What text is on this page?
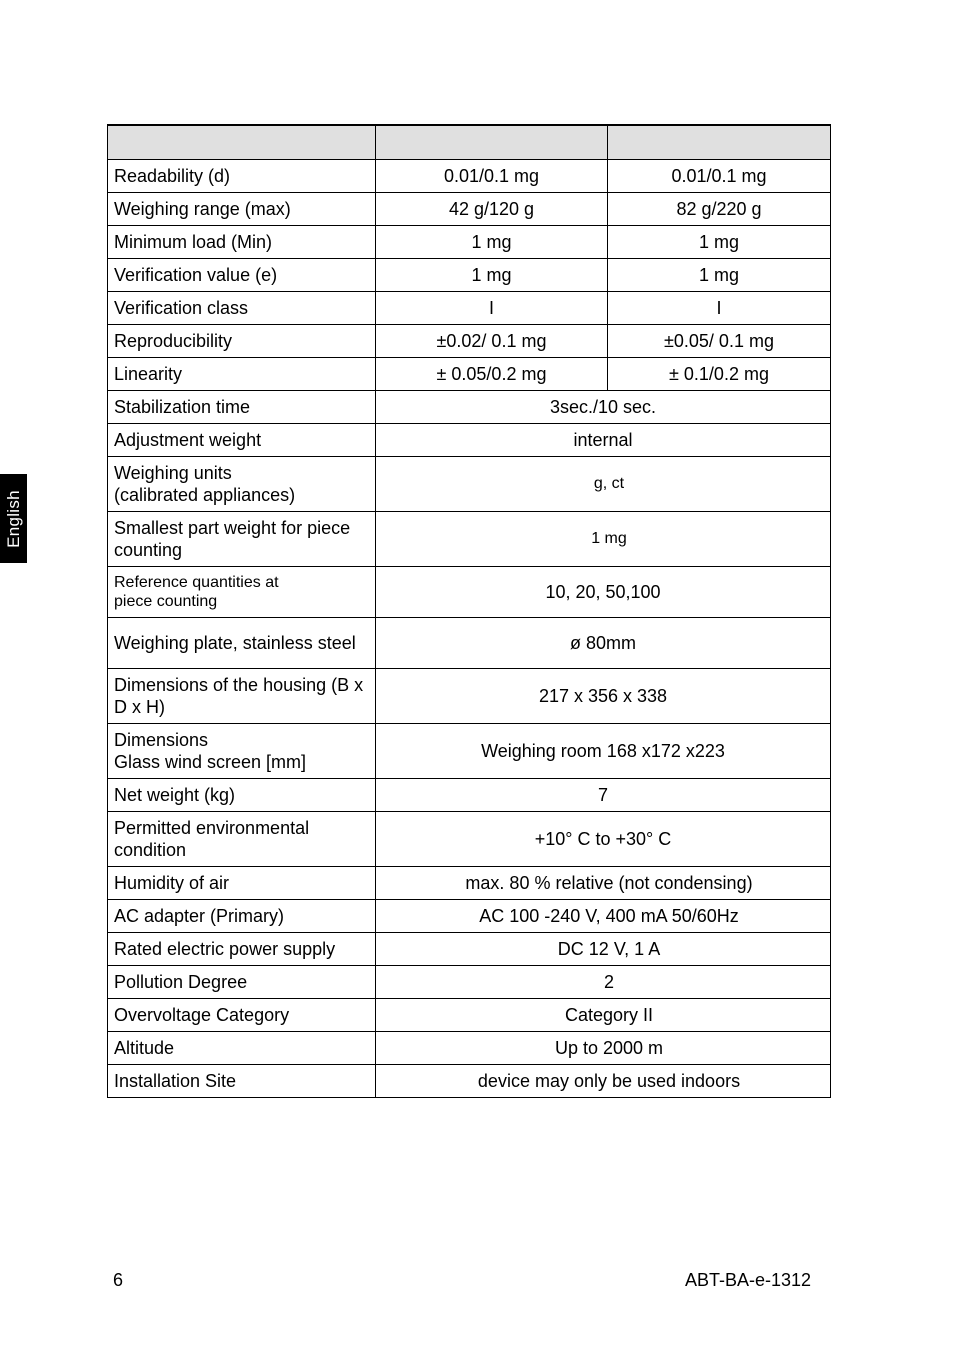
English

Readability (d)	0.01/0.1 mg	0.01/0.1 mg
Weighing range (max)	42 g/120 g	82 g/220 g
Minimum load (Min)	1 mg	1 mg
Verification value (e)	1 mg	1 mg
Verification class	I	I
Reproducibility	±0.02/ 0.1 mg	±0.05/ 0.1 mg
Linearity	± 0.05/0.2 mg	± 0.1/0.2 mg
Stabilization time	3sec./10 sec.	
Adjustment weight	internal	
Weighing units
(calibrated appliances)	g, ct	
Smallest part weight for piece counting	1 mg	
Reference quantities at
piece counting	10, 20, 50,100	
Weighing plate, stainless steel	ø 80mm	
Dimensions of the housing (B x D x H)	217 x 356 x 338	
Dimensions
Glass wind screen [mm]	Weighing room 168 x172 x223	
Net weight (kg)	7	
Permitted environmental condition	+10° C to +30° C	
Humidity of air	max. 80 % relative (not condensing)	
AC adapter (Primary)	AC 100 -240 V, 400 mA 50/60Hz	
Rated electric power supply	DC 12 V, 1 A	
Pollution Degree	2	
Overvoltage Category	Category II	
Altitude	Up to 2000 m	
Installation Site	device may only be used indoors	
6	ABT-BA-e-1312
